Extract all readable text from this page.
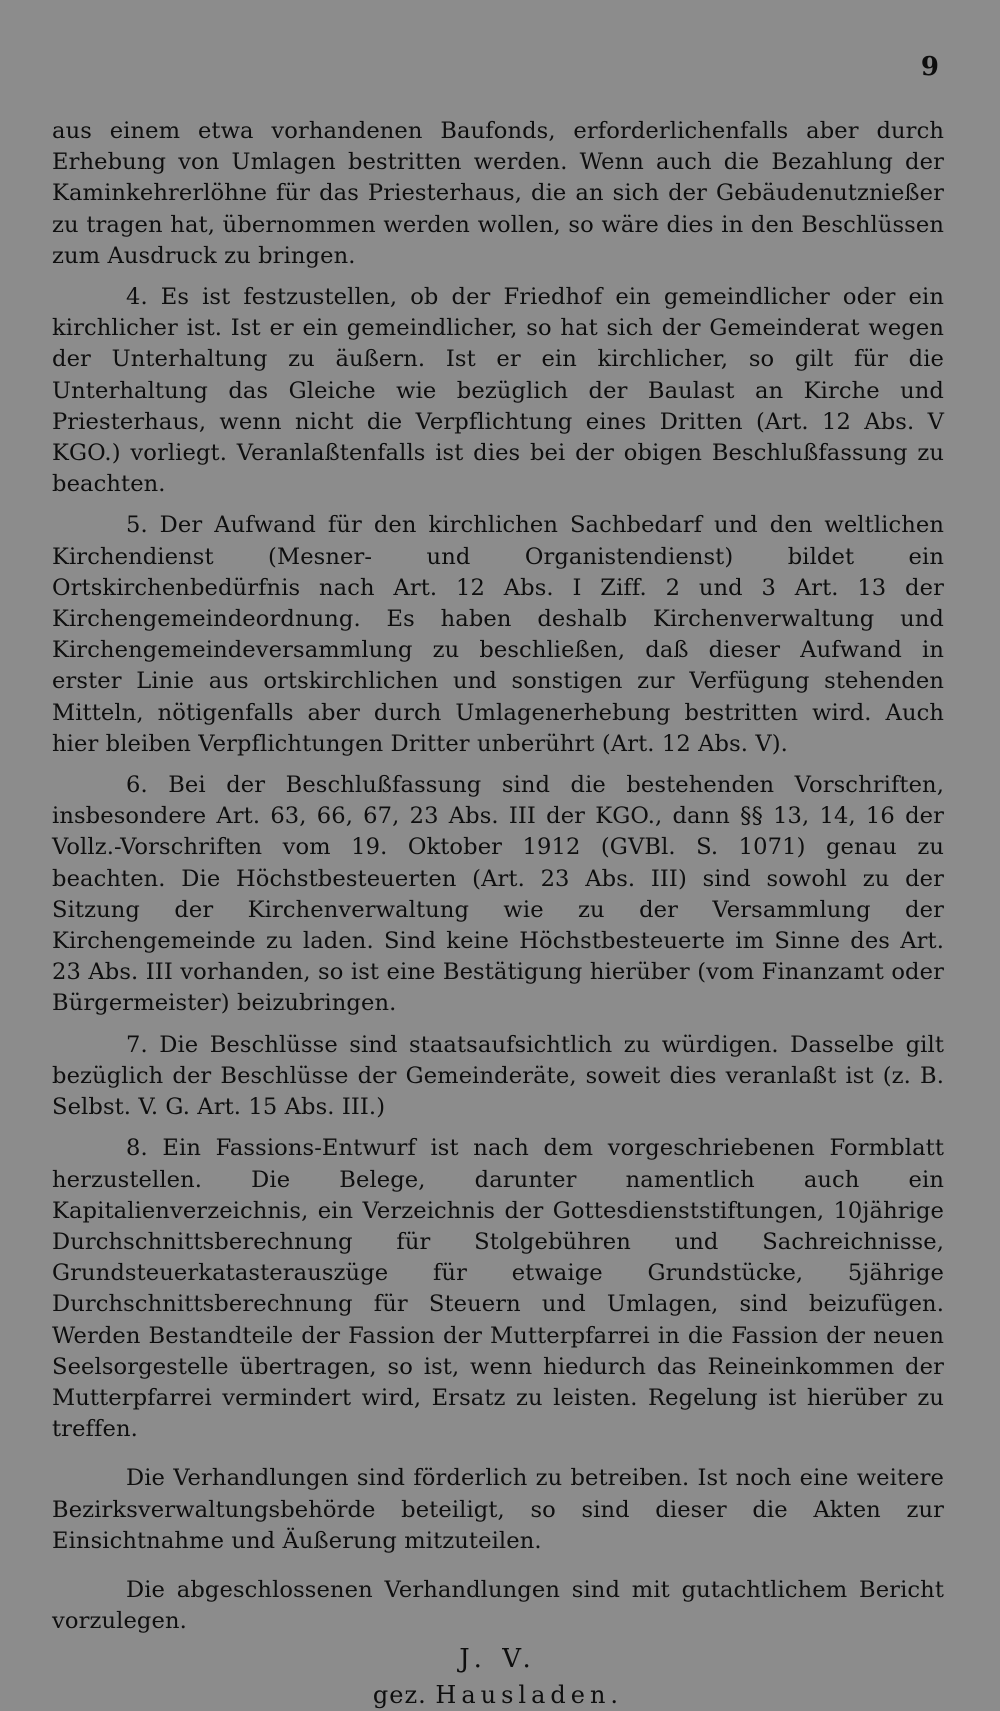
9

aus einem etwa vorhandenen Baufonds, erforderlichenfalls aber durch Erhebung von Umlagen bestritten werden. Wenn auch die Bezahlung der Kaminkehrerlöhne für das Priesterhaus, die an sich der Gebäudenutznießer zu tragen hat, übernommen werden wollen, so wäre dies in den Beschlüssen zum Ausdruck zu bringen.

4. Es ist festzustellen, ob der Friedhof ein gemeindlicher oder ein kirchlicher ist. Ist er ein gemeindlicher, so hat sich der Gemeinderat wegen der Unterhaltung zu äußern. Ist er ein kirchlicher, so gilt für die Unterhaltung das Gleiche wie bezüglich der Baulast an Kirche und Priesterhaus, wenn nicht die Verpflichtung eines Dritten (Art. 12 Abs. V KGO.) vorliegt. Veranlaßtenfalls ist dies bei der obigen Beschlußfassung zu beachten.

5. Der Aufwand für den kirchlichen Sachbedarf und den weltlichen Kirchendienst (Mesner- und Organistendienst) bildet ein Ortskirchenbedürfnis nach Art. 12 Abs. I Ziff. 2 und 3 Art. 13 der Kirchengemeindeordnung. Es haben deshalb Kirchenverwaltung und Kirchengemeindeversammlung zu beschließen, daß dieser Aufwand in erster Linie aus ortskirchlichen und sonstigen zur Verfügung stehenden Mitteln, nötigenfalls aber durch Umlagenerhebung bestritten wird. Auch hier bleiben Verpflichtungen Dritter unberührt (Art. 12 Abs. V).

6. Bei der Beschlußfassung sind die bestehenden Vorschriften, insbesondere Art. 63, 66, 67, 23 Abs. III der KGO., dann §§ 13, 14, 16 der Vollz.-Vorschriften vom 19. Oktober 1912 (GVBl. S. 1071) genau zu beachten. Die Höchstbesteuerten (Art. 23 Abs. III) sind sowohl zu der Sitzung der Kirchenverwaltung wie zu der Versammlung der Kirchengemeinde zu laden. Sind keine Höchstbesteuerte im Sinne des Art. 23 Abs. III vorhanden, so ist eine Bestätigung hierüber (vom Finanzamt oder Bürgermeister) beizubringen.

7. Die Beschlüsse sind staatsaufsichtlich zu würdigen. Dasselbe gilt bezüglich der Beschlüsse der Gemeinderäte, soweit dies veranlaßt ist (z. B. Selbst. V. G. Art. 15 Abs. III.)

8. Ein Fassions-Entwurf ist nach dem vorgeschriebenen Formblatt herzustellen. Die Belege, darunter namentlich auch ein Kapitalienverzeichnis, ein Verzeichnis der Gottesdienststiftungen, 10jährige Durchschnittsberechnung für Stolgebühren und Sachreichnisse, Grundsteuerkatasterauszüge für etwaige Grundstücke, 5jährige Durchschnittsberechnung für Steuern und Umlagen, sind beizufügen. Werden Bestandteile der Fassion der Mutterpfarrei in die Fassion der neuen Seelsorgestelle übertragen, so ist, wenn hiedurch das Reineinkommen der Mutterpfarrei vermindert wird, Ersatz zu leisten. Regelung ist hierüber zu treffen.

Die Verhandlungen sind förderlich zu betreiben. Ist noch eine weitere Bezirksverwaltungsbehörde beteiligt, so sind dieser die Akten zur Einsichtnahme und Äußerung mitzuteilen.

Die abgeschlossenen Verhandlungen sind mit gutachtlichem Bericht vorzulegen.

J. V.
gez. Hausladen.
